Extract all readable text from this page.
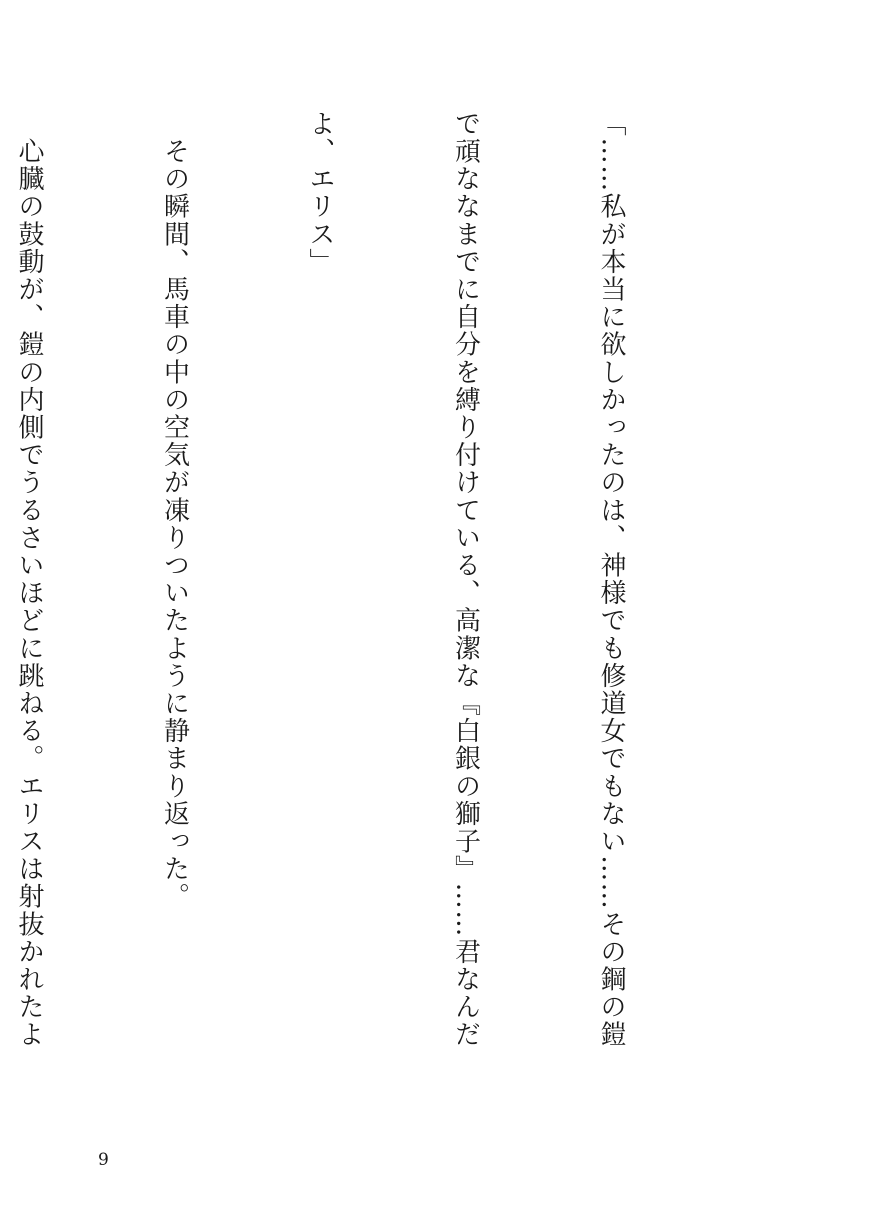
「……私が本当に欲しかったのは、神様でも修道女でもない……その鋼の鎧

で頑ななまでに自分を縛り付けている、高潔な『白銀の獅子』……君なんだ

よ、エリス」

　その瞬間、馬車の中の空気が凍りついたように静まり返った。

　心臓の鼓動が、鎧の内側でうるさいほどに跳ねる。エリスは射抜かれたよ

9
